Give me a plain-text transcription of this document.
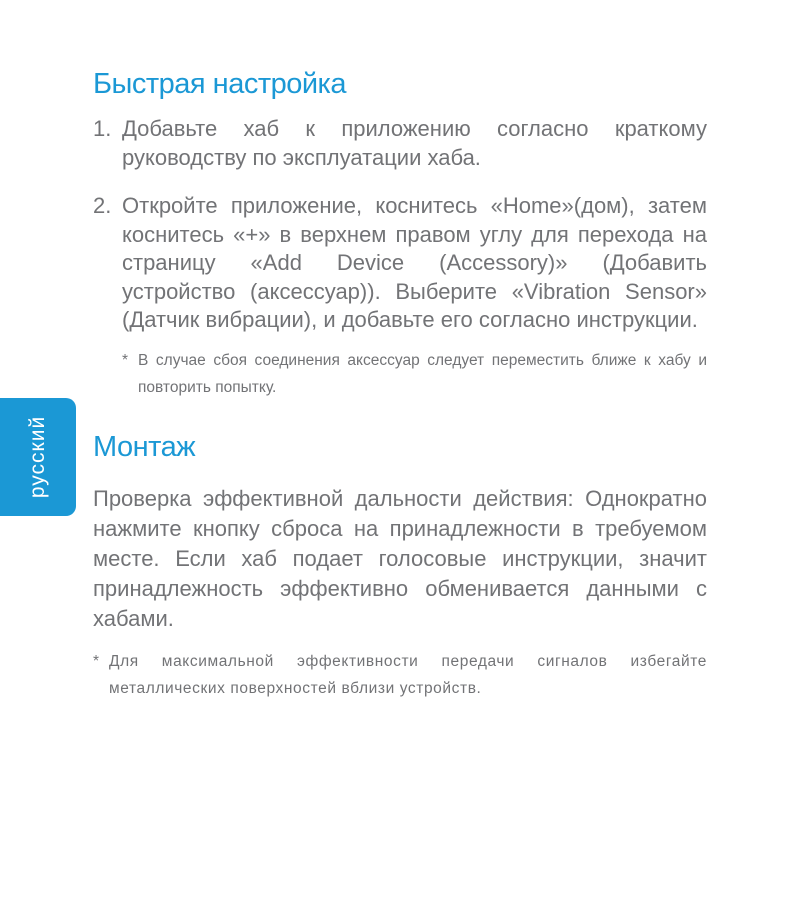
русский
Быстрая настройка
1. Добавьте хаб к приложению согласно краткому руководству по эксплуатации хаба.
2. Откройте приложение, коснитесь «Home»(дом), затем коснитесь «+» в верхнем правом углу для перехода на страницу «Add Device (Accessory)» (Добавить устройство (аксессуар)). Выберите «Vibration Sensor» (Датчик вибрации), и добавьте его согласно инструкции.
* В случае сбоя соединения аксессуар следует переместить ближе к хабу и повторить попытку.
Монтаж

Проверка эффективной дальности действия: Однократно нажмите кнопку сброса на принадлежности в требуемом месте. Если хаб подает голосовые инструкции, значит принадлежность эффективно обменивается данными с хабами.

* Для максимальной эффективности передачи сигналов избегайте металлических поверхностей вблизи устройств.
